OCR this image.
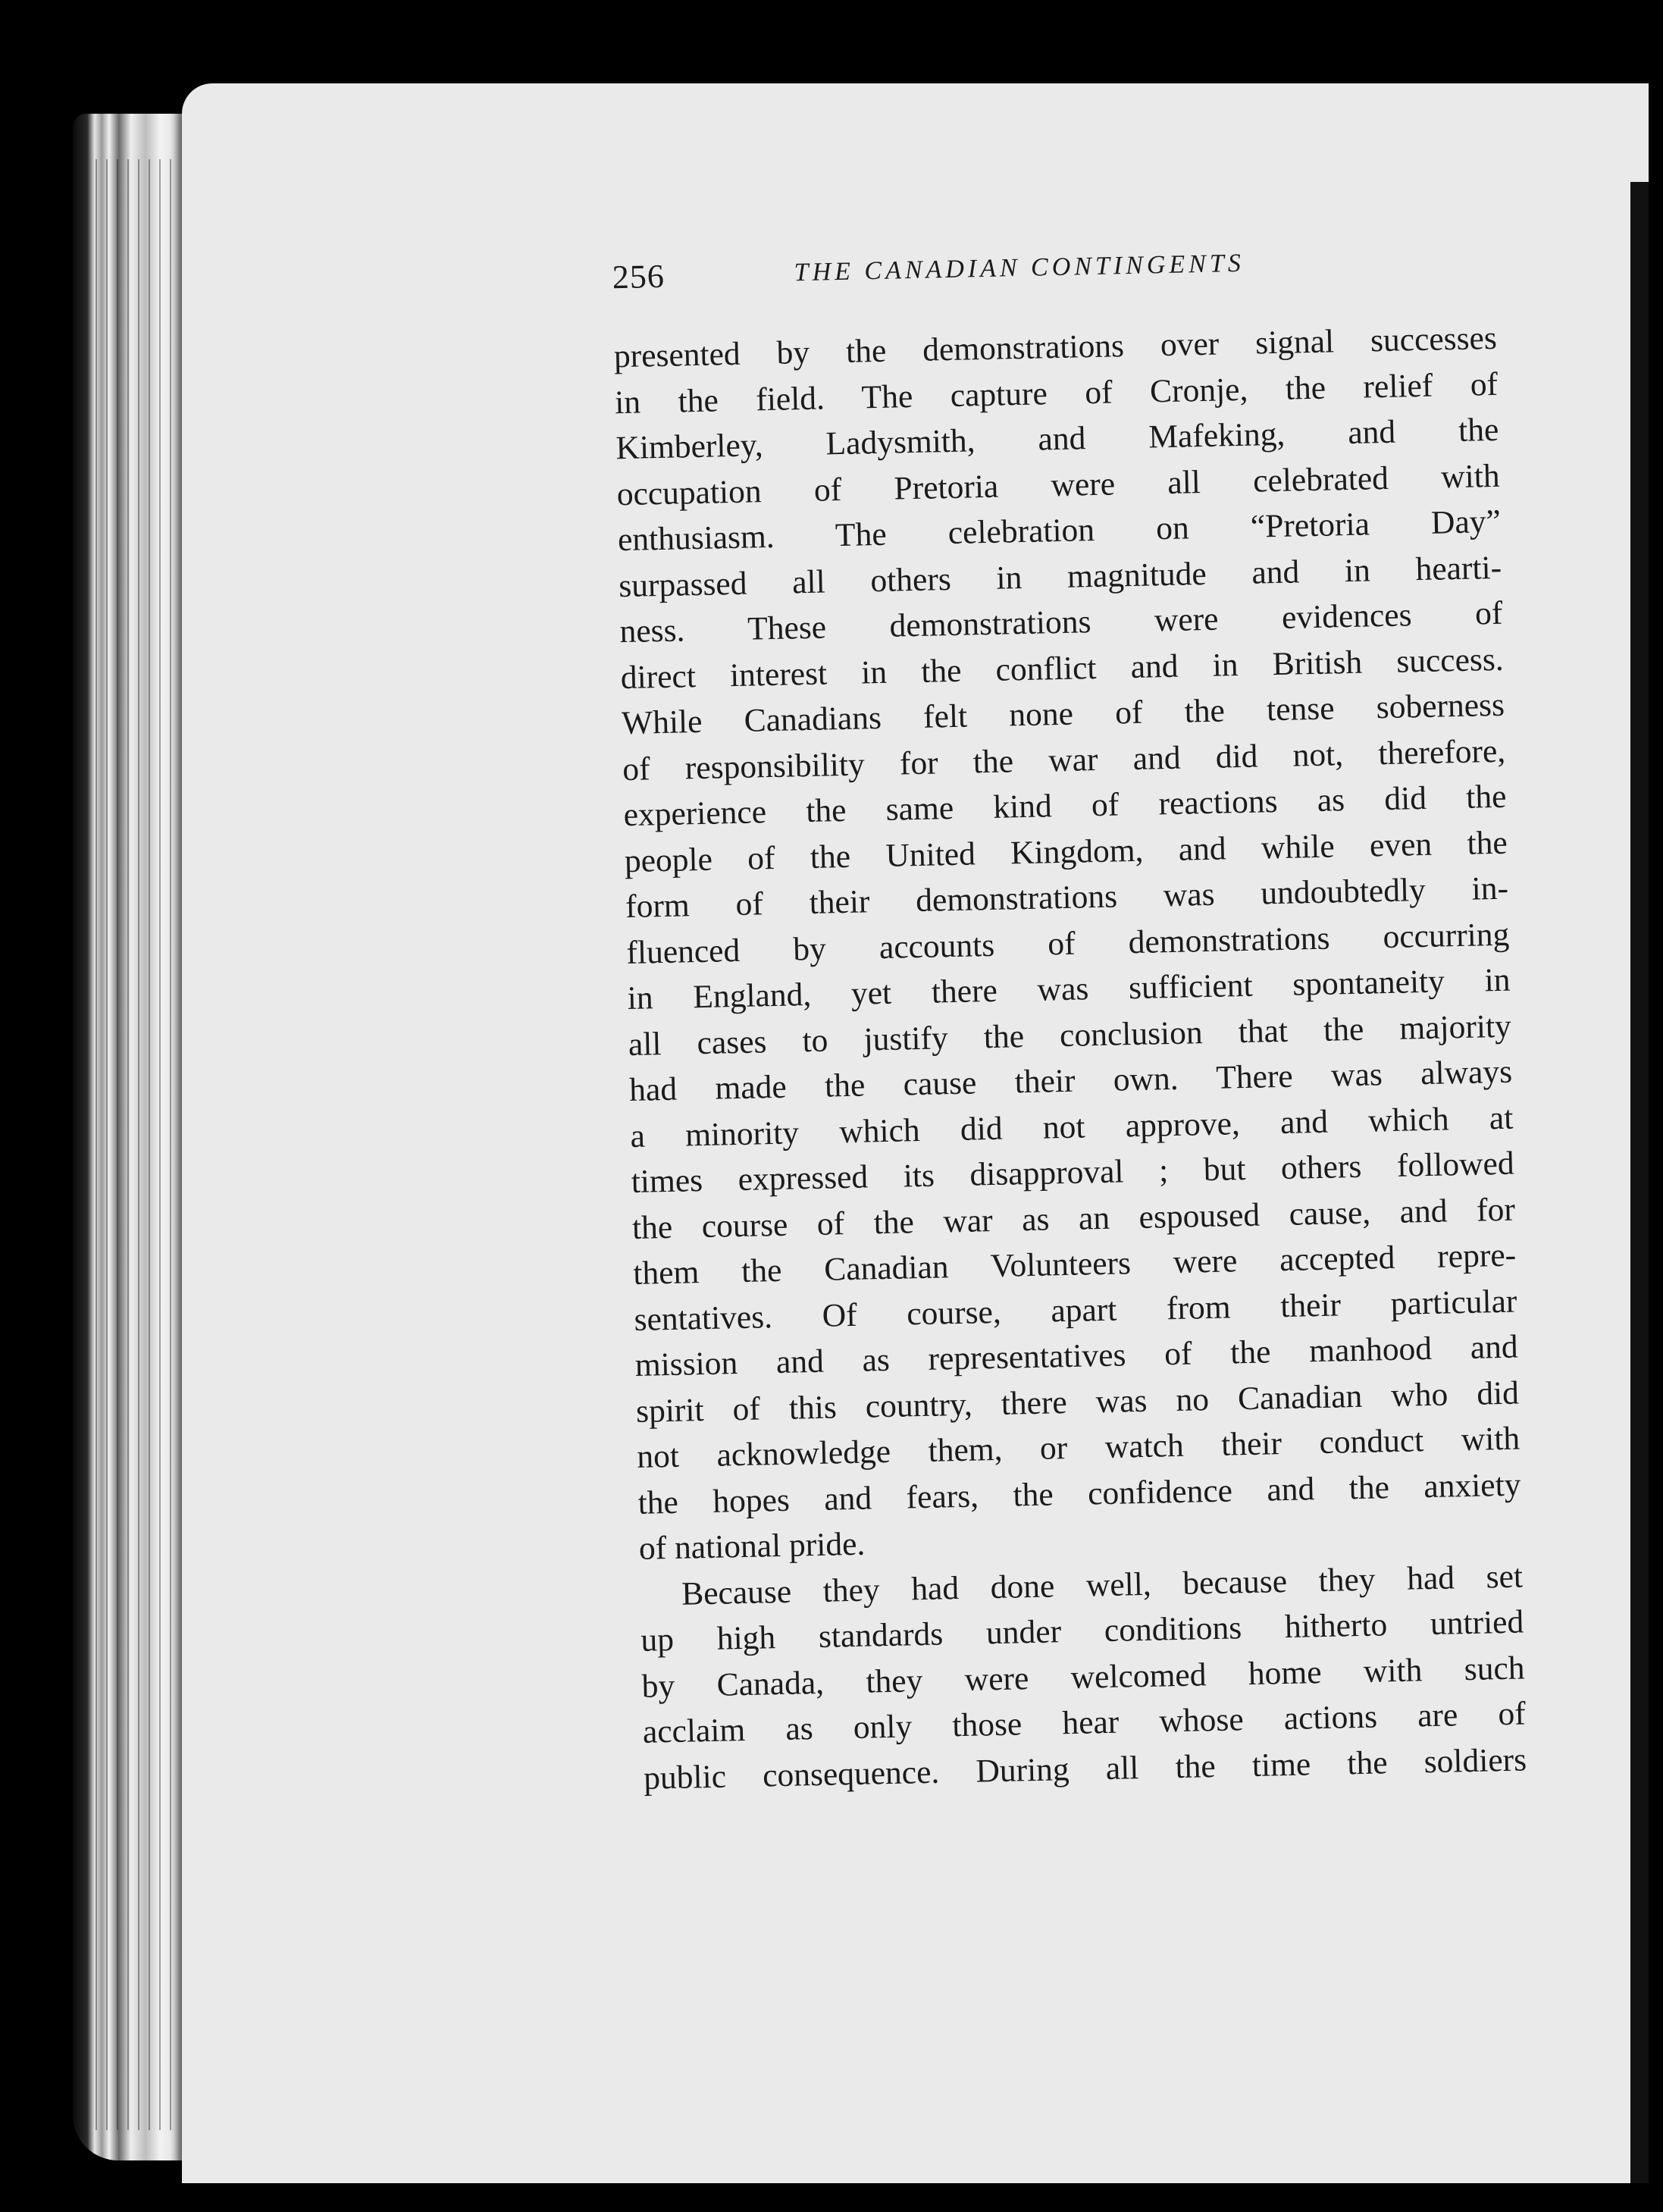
256	THE CANADIAN CONTINGENTS

presented by the demonstrations over signal successes
in the field. The capture of Cronje, the relief of
Kimberley, Ladysmith, and Mafeking, and the
occupation of Pretoria were all celebrated with
enthusiasm. The celebration on “Pretoria Day”
surpassed all others in magnitude and in hearti-
ness. These demonstrations were evidences of
direct interest in the conflict and in British success.
While Canadians felt none of the tense soberness
of responsibility for the war and did not, therefore,
experience the same kind of reactions as did the
people of the United Kingdom, and while even the
form of their demonstrations was undoubtedly in-
fluenced by accounts of demonstrations occurring
in England, yet there was sufficient spontaneity in
all cases to justify the conclusion that the majority
had made the cause their own. There was always
a minority which did not approve, and which at
times expressed its disapproval ; but others followed
the course of the war as an espoused cause, and for
them the Canadian Volunteers were accepted repre-
sentatives. Of course, apart from their particular
mission and as representatives of the manhood and
spirit of this country, there was no Canadian who did
not acknowledge them, or watch their conduct with
the hopes and fears, the confidence and the anxiety
of national pride.

Because they had done well, because they had set
up high standards under conditions hitherto untried
by Canada, they were welcomed home with such
acclaim as only those hear whose actions are of
public consequence. During all the time the soldiers
